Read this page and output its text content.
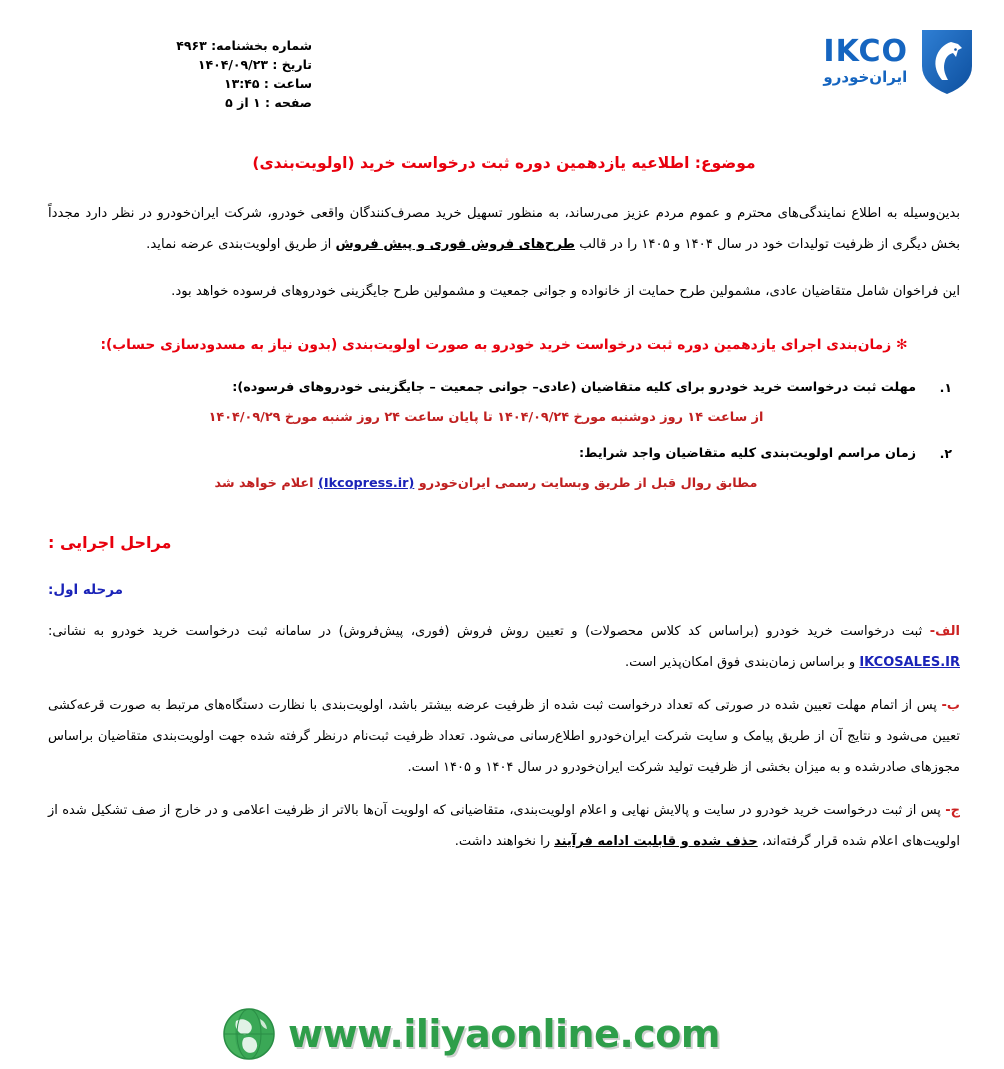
شماره بخشنامه: ۴۹۶۳
تاریخ : ۱۴۰۴/۰۹/۲۳
ساعت : ۱۳:۴۵
صفحه : ۱ از ۵
IKCO
ایران‌خودرو
موضوع: اطلاعیه یازدهمین دوره ثبت درخواست خرید (اولویت‌بندی)

بدین‌وسیله به اطلاع نمایندگی‌های محترم و عموم مردم عزیز می‌رساند، به منظور تسهیل خرید مصرف‌کنندگان واقعی خودرو، شرکت ایران‌خودرو در نظر دارد مجدداً بخش دیگری از ظرفیت تولیدات خود در سال ۱۴۰۴ و ۱۴۰۵ را در قالب طرح‌های فروش فوری و پیش فروش از طریق اولویت‌بندی عرضه نماید.

این فراخوان شامل متقاضیان عادی، مشمولین طرح حمایت از خانواده و جوانی جمعیت و مشمولین طرح جایگزینی خودروهای فرسوده خواهد بود.

✻ زمان‌بندی اجرای یازدهمین دوره ثبت درخواست خرید خودرو به صورت اولویت‌بندی (بدون نیاز به مسدودسازی حساب):
۱.
مهلت ثبت درخواست خرید خودرو برای کلیه متقاضیان (عادی– جوانی جمعیت – جایگزینی خودروهای فرسوده):
از ساعت ۱۴ روز دوشنبه مورخ ۱۴۰۴/۰۹/۲۴ تا پایان ساعت ۲۴ روز شنبه مورخ ۱۴۰۴/۰۹/۲۹
۲.
زمان مراسم اولویت‌بندی کلیه متقاضیان واجد شرایط:
مطابق روال قبل از طریق وبسایت رسمی ایران‌خودرو (Ikcopress.ir) اعلام خواهد شد
مراحل اجرایی :
مرحله اول:

الف- ثبت درخواست خرید خودرو (براساس کد کلاس محصولات) و تعیین روش فروش (فوری، پیش‌فروش) در سامانه ثبت درخواست خرید خودرو به نشانی: IKCOSALES.IR و براساس زمان‌بندی فوق امکان‌پذیر است.

ب- پس از اتمام مهلت تعیین شده در صورتی که تعداد درخواست ثبت شده از ظرفیت عرضه بیشتر باشد، اولویت‌بندی با نظارت دستگاه‌های مرتبط به صورت قرعه‌کشی تعیین می‌شود و نتایج آن از طریق پیامک و سایت شرکت ایران‌خودرو اطلاع‌رسانی می‌شود. تعداد ظرفیت ثبت‌نام درنظر گرفته شده جهت اولویت‌بندی متقاضیان براساس مجوزهای صادرشده و به میزان بخشی از ظرفیت تولید شرکت ایران‌خودرو در سال ۱۴۰۴ و ۱۴۰۵ است.

ج- پس از ثبت درخواست خرید خودرو در سایت و پالایش نهایی و اعلام اولویت‌بندی، متقاضیانی که اولویت آن‌ها بالاتر از ظرفیت اعلامی و در خارج از صف تشکیل شده از اولویت‌های اعلام شده قرار گرفته‌اند، حذف شده و قابلیت ادامه فرآیند را نخواهند داشت.

www.iliyaonline.com
